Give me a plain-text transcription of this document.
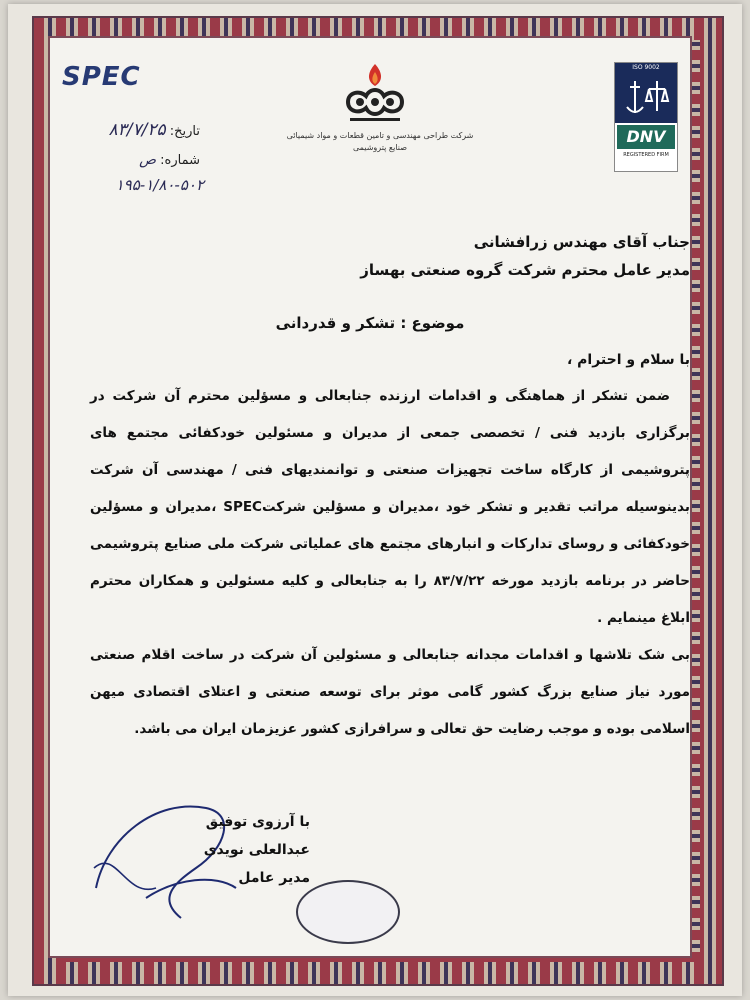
SPEC
شرکت طراحی مهندسی و تامین قطعات و مواد شیمیائی
صنایع پتروشیمی
ISO 9002
DNV
REGISTERED FIRM
تاریخ: ۸۳/۷/۲۵
شماره: ص
۱۹۵-۱/۸۰-۵۰۲
جناب آقای مهندس زرافشانی
مدیر عامل محترم شرکت گروه صنعتی بهساز
موضوع : تشکر و قدردانی
با سلام و احترام ،

ضمن تشکر از هماهنگی و اقدامات ارزنده جنابعالی و مسؤلین محترم آن شرکت در برگزاری بازدید فنی / تخصصی جمعی از مدیران و مسئولین خودکفائی مجتمع های پتروشیمی از کارگاه ساخت تجهیزات صنعتی و توانمندیهای فنی / مهندسی آن شرکت بدینوسیله مراتب تقدیر و تشکر خود ،مدیران و مسؤلین شرکتSPEC ،مدیران و مسؤلین خودکفائی و روسای تدارکات و انبارهای مجتمع های عملیاتی شرکت ملی صنایع پتروشیمی حاضر در برنامه بازدید مورخه ۸۳/۷/۲۲ را به جنابعالی و کلیه مسئولین و همکاران محترم ابلاغ مینمایم .

بی شک تلاشها و اقدامات مجدانه جنابعالی و مسئولین آن شرکت در ساخت اقلام صنعتی مورد نیاز صنایع بزرگ کشور گامی موثر برای توسعه صنعتی و اعتلای اقتصادی میهن اسلامی بوده و موجب رضایت حق تعالی و سرافرازی کشور عزیزمان ایران می باشد.

با آرزوی توفیق
عبدالعلی نویدی
مدیر عامل
